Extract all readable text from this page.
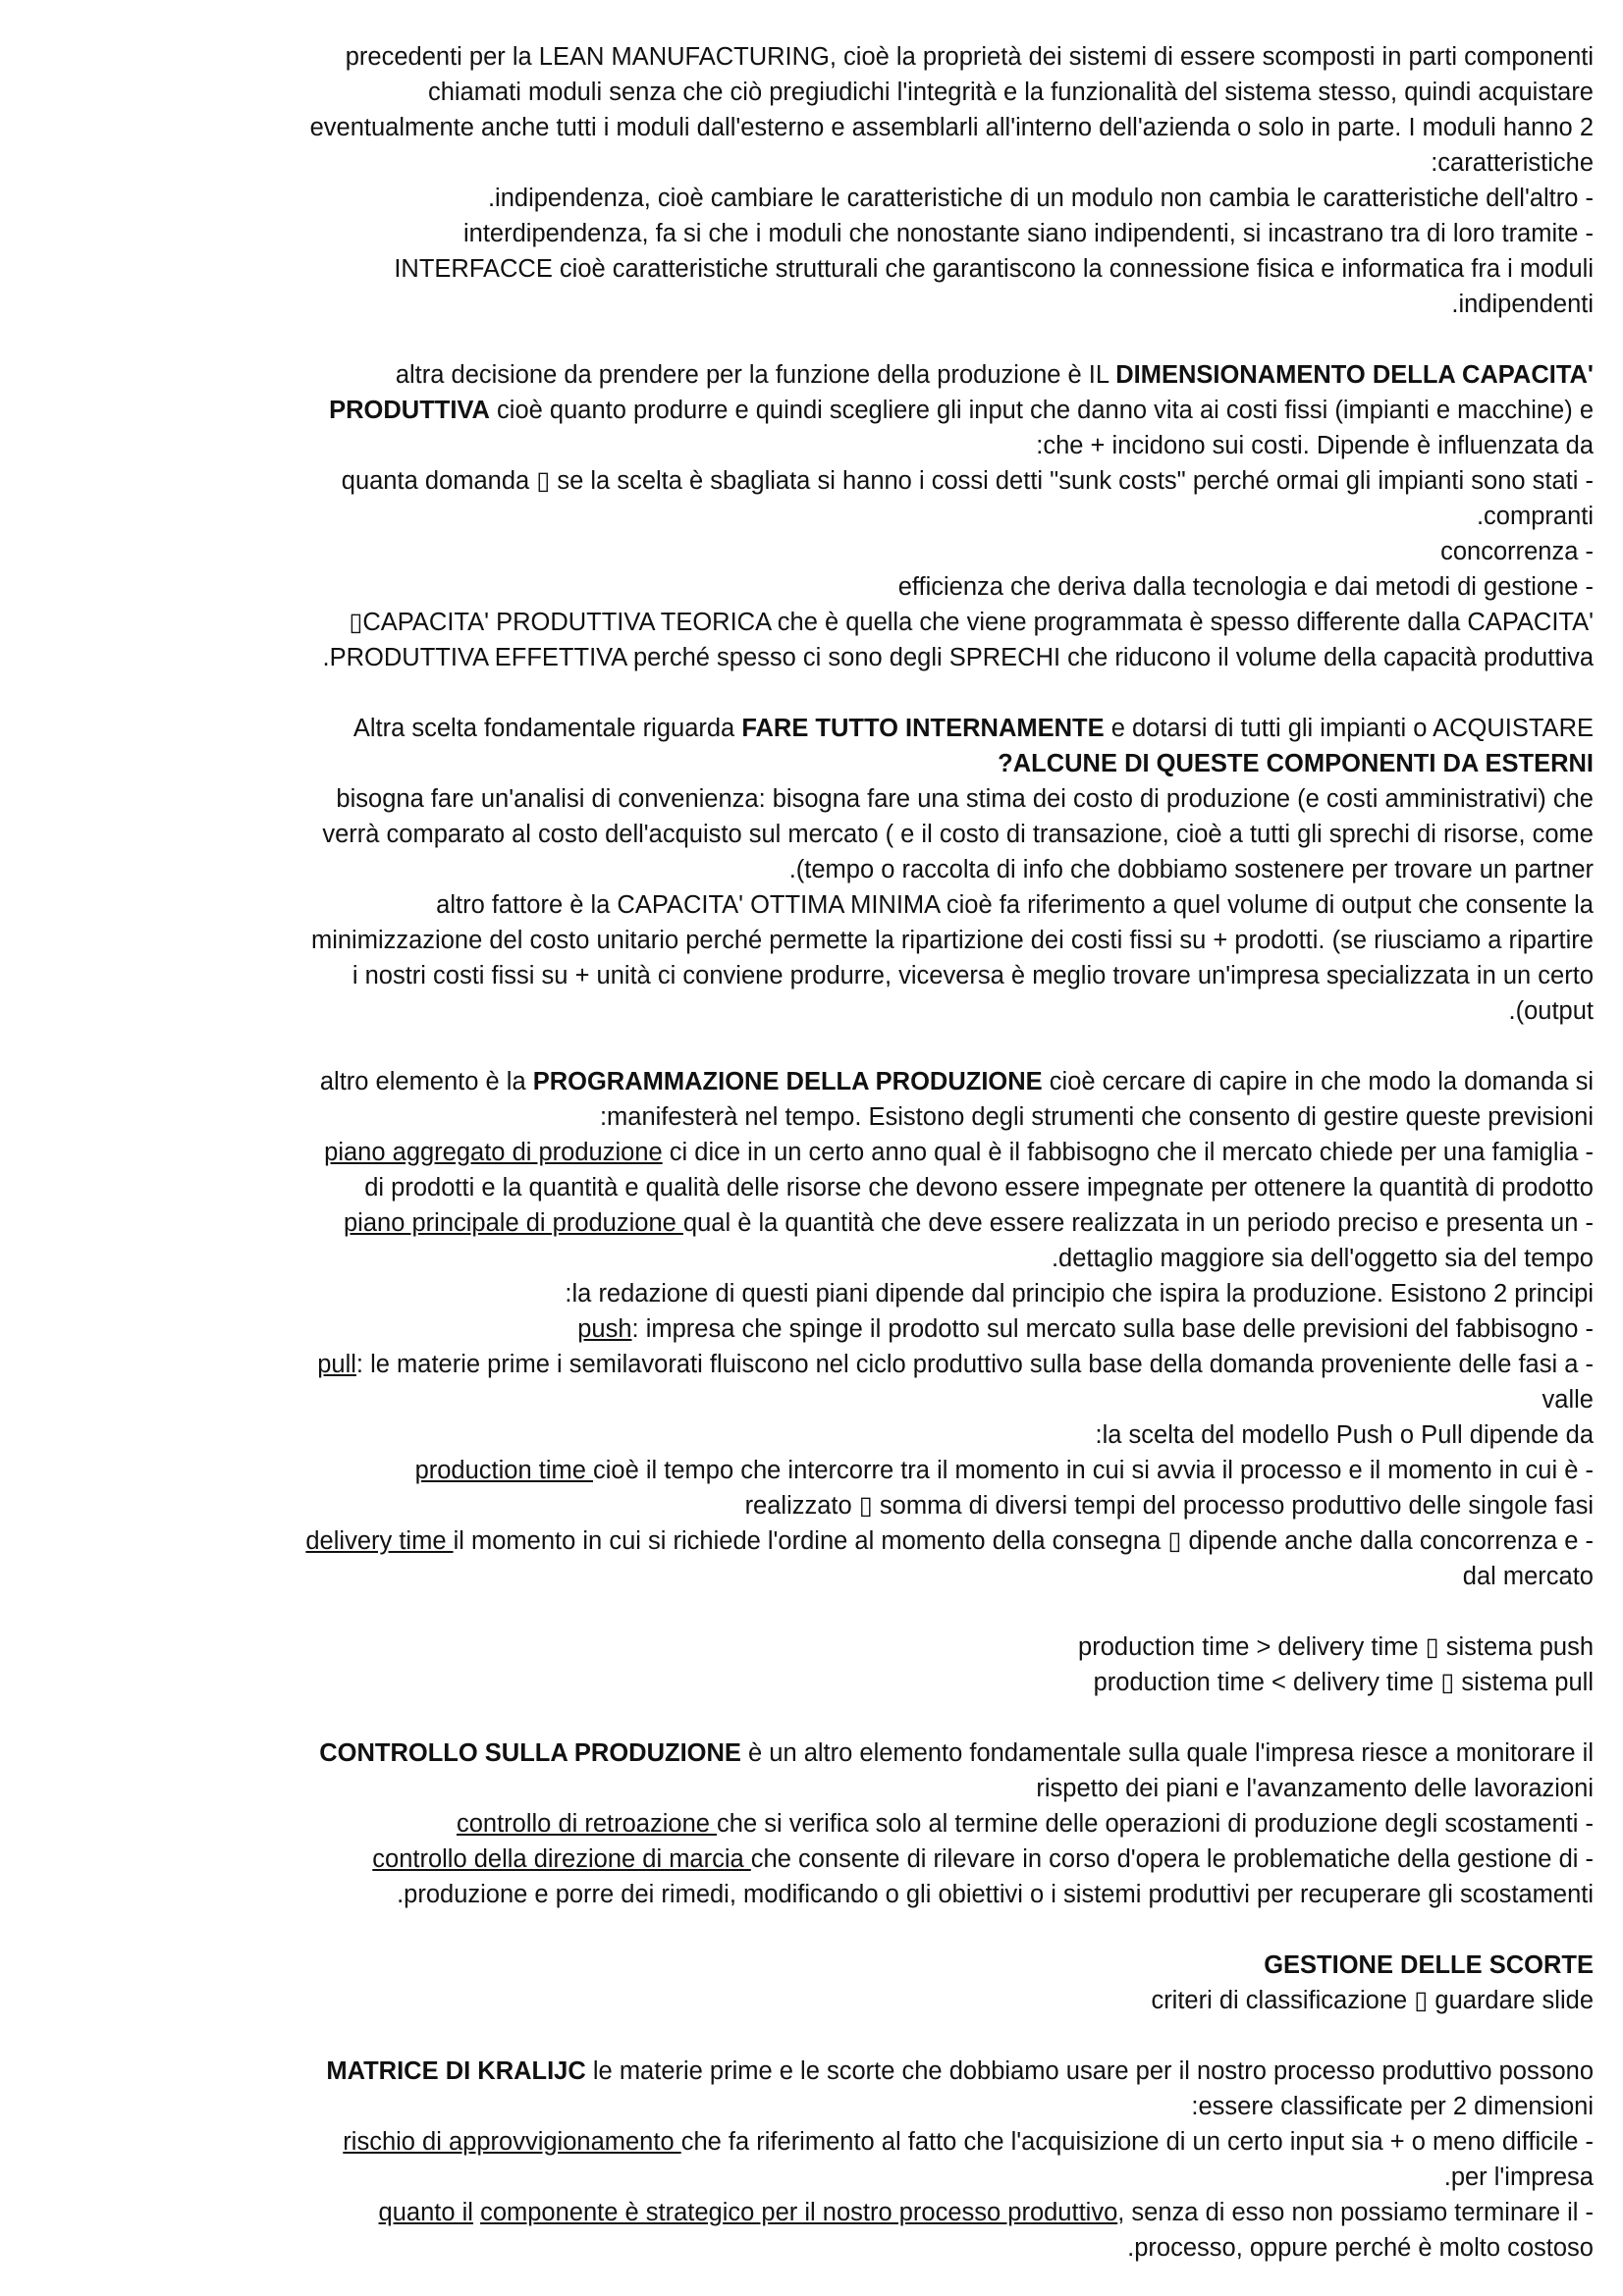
precedenti per la LEAN MANUFACTURING, cioè la proprietà dei sistemi di essere scomposti in parti componenti
chiamati moduli senza che ciò pregiudichi l'integrità e la funzionalità del sistema stesso, quindi acquistare
eventualmente anche tutti i moduli dall'esterno e assemblarli all'interno dell'azienda o solo in parte. I moduli hanno 2
:caratteristiche
.indipendenza, cioè cambiare le caratteristiche di un modulo non cambia le caratteristiche dell'altro -
interdipendenza, fa si che i moduli che nonostante siano indipendenti, si incastrano tra di loro tramite -
INTERFACCE cioè caratteristiche strutturali che garantiscono la connessione fisica e informatica fra i moduli
.indipendenti
altra decisione da prendere per la funzione della produzione è IL DIMENSIONAMENTO DELLA CAPACITA'
PRODUTTIVA cioè quanto produrre e quindi scegliere gli input che danno vita ai costi fissi (impianti e macchine) e
:che + incidono sui costi. Dipende è influenzata da
quanta domanda ▯ se la scelta è sbagliata si hanno i cossi detti "sunk costs" perché ormai gli impianti sono stati -
.compranti
concorrenza -
efficienza che deriva dalla tecnologia e dai metodi di gestione -
▯CAPACITA' PRODUTTIVA TEORICA che è quella che viene programmata è spesso differente dalla CAPACITA'
.PRODUTTIVA EFFETTIVA perché spesso ci sono degli SPRECHI che riducono il volume della capacità produttiva
Altra scelta fondamentale riguarda FARE TUTTO INTERNAMENTE e dotarsi di tutti gli impianti o ACQUISTARE
?ALCUNE DI QUESTE COMPONENTI DA ESTERNI
bisogna fare un'analisi di convenienza: bisogna fare una stima dei costo di produzione (e costi amministrativi) che
verrà comparato al costo dell'acquisto sul mercato ( e il costo di transazione, cioè a tutti gli sprechi di risorse, come
.(tempo o raccolta di info che dobbiamo sostenere per trovare un partner
altro fattore è la CAPACITA' OTTIMA MINIMA cioè fa riferimento a quel volume di output che consente la
minimizzazione del costo unitario perché permette la ripartizione dei costi fissi su + prodotti. (se riusciamo a ripartire
i nostri costi fissi su + unità ci conviene produrre, viceversa è meglio trovare un'impresa specializzata in un certo
.(output
altro elemento è la PROGRAMMAZIONE DELLA PRODUZIONE cioè cercare di capire in che modo la domanda si
:manifesterà nel tempo. Esistono degli strumenti che consento di gestire queste previsioni
piano aggregato di produzione ci dice in un certo anno qual è il fabbisogno che il mercato chiede per una famiglia -
di prodotti e la quantità e qualità delle risorse che devono essere impegnate per ottenere la quantità di prodotto
piano principale di produzione qual è la quantità che deve essere realizzata in un periodo preciso e presenta un -
.dettaglio maggiore sia dell'oggetto sia del tempo
:la redazione di questi piani dipende dal principio che ispira la produzione. Esistono 2 principi
push: impresa che spinge il prodotto sul mercato sulla base delle previsioni del fabbisogno -
pull: le materie prime i semilavorati fluiscono nel ciclo produttivo sulla base della domanda proveniente delle fasi a -
valle
:la scelta del modello Push o Pull dipende da
production time cioè il tempo che intercorre tra il momento in cui si avvia il processo e il momento in cui è -
realizzato ▯ somma di diversi tempi del processo produttivo delle singole fasi
delivery time il momento in cui si richiede l'ordine al momento della consegna ▯ dipende anche dalla concorrenza e -
dal mercato
production time > delivery time ▯ sistema push
production time < delivery time ▯ sistema pull
CONTROLLO SULLA PRODUZIONE è un altro elemento fondamentale sulla quale l'impresa riesce a monitorare il
rispetto dei piani e l'avanzamento delle lavorazioni
controllo di retroazione che si verifica solo al termine delle operazioni di produzione degli scostamenti -
controllo della direzione di marcia che consente di rilevare in corso d'opera le problematiche della gestione di -
.produzione e porre dei rimedi, modificando o gli obiettivi o i sistemi produttivi per recuperare gli scostamenti
GESTIONE DELLE SCORTE
criteri di classificazione ▯ guardare slide
MATRICE DI KRALIJC le materie prime e le scorte che dobbiamo usare per il nostro processo produttivo possono
:essere classificate per 2 dimensioni
rischio di approvvigionamento che fa riferimento al fatto che l'acquisizione di un certo input sia + o meno difficile -
.per l'impresa
quanto il componente è strategico per il nostro processo produttivo, senza di esso non possiamo terminare il -
.processo, oppure perché è molto costoso
